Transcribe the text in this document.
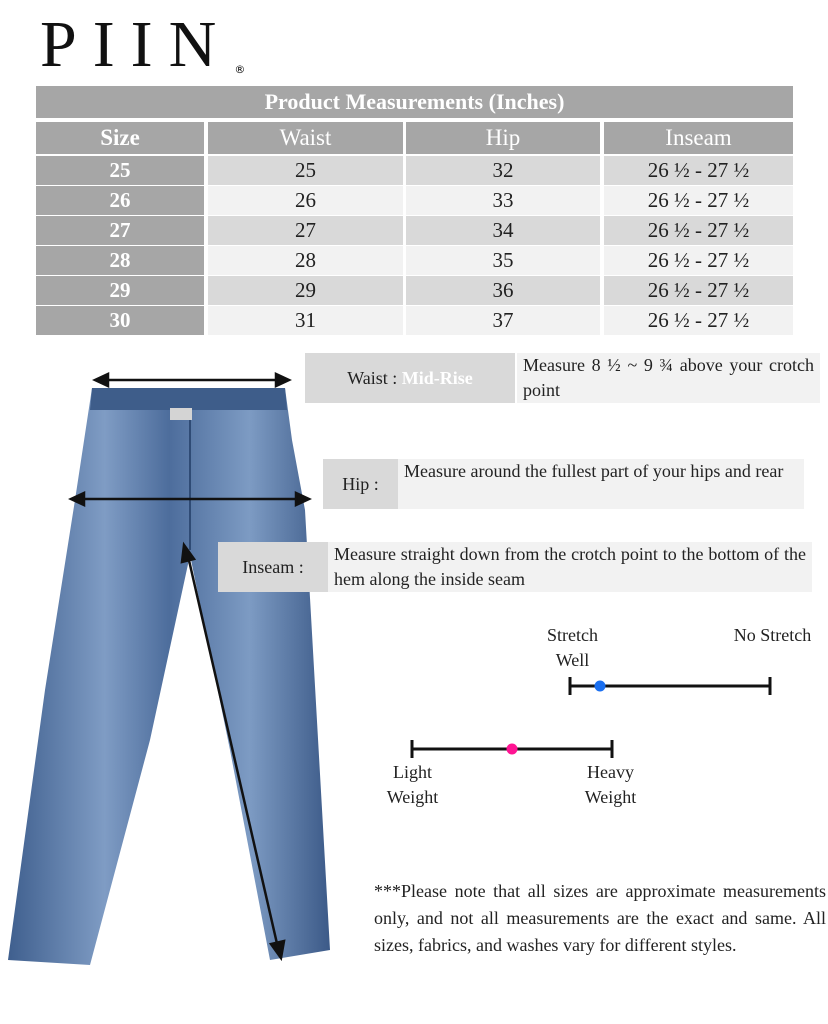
PIIN ®
Product Measurements (Inches)
Size	Waist	Hip	Inseam
25	25	32	26 ½ - 27 ½
26	26	33	26 ½ - 27 ½
27	27	34	26 ½ - 27 ½
28	28	35	26 ½ - 27 ½
29	29	36	26 ½ - 27 ½
30	31	37	26 ½ - 27 ½
Waist :
Mid-Rise
Measure 8 ½ ~ 9 ¾ above your crotch point
Hip :
Measure around the fullest part of your hips and rear
Inseam :
Measure straight down from the crotch point to the bottom of the hem along the inside seam
Stretch Well
No Stretch
Light Weight
Heavy Weight
***Please note that all sizes are approximate measurements only, and not all measurements are the exact and same. All sizes, fabrics, and washes vary for different styles.
